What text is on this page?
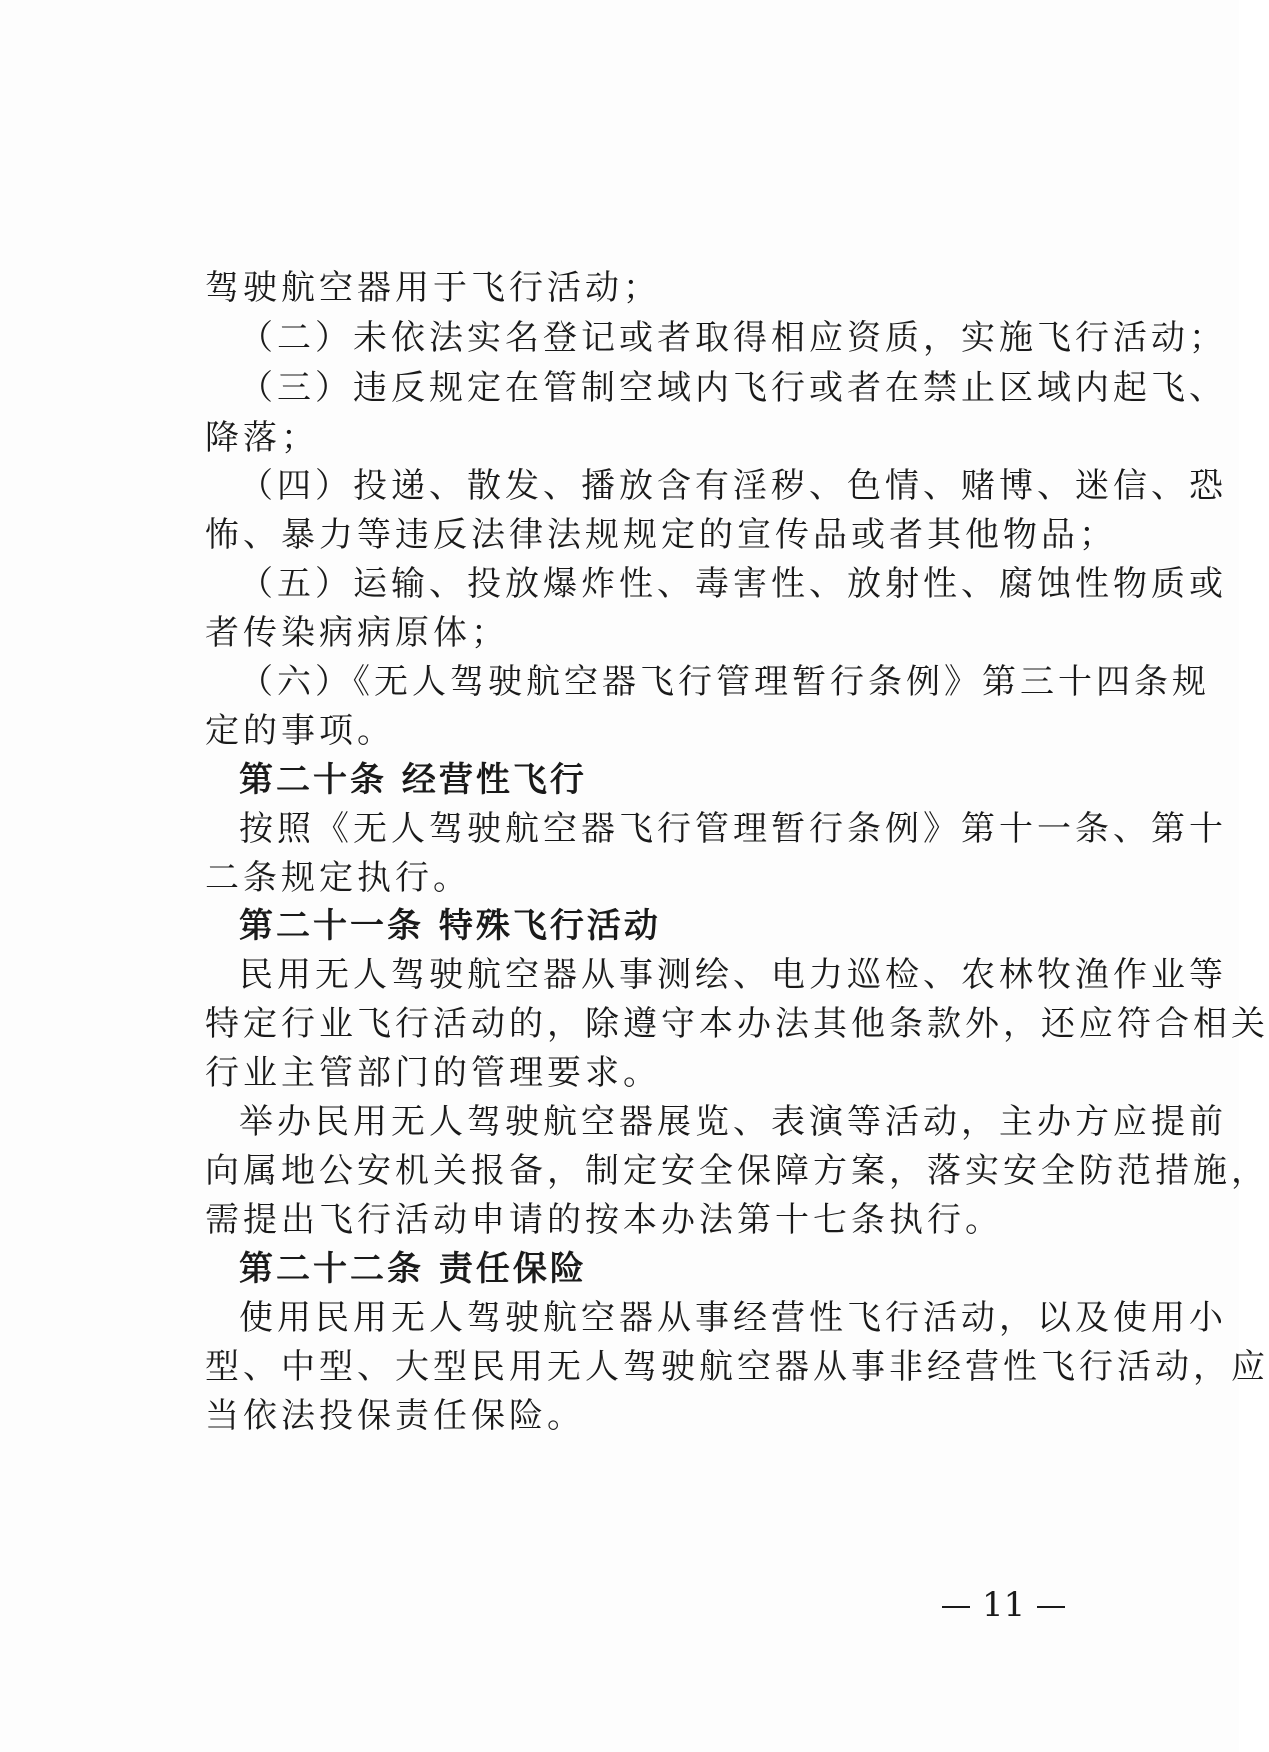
驾驶航空器用于飞行活动；
（二）未依法实名登记或者取得相应资质，实施飞行活动；
（三）违反规定在管制空域内飞行或者在禁止区域内起飞、
降落；
（四）投递、散发、播放含有淫秽、色情、赌博、迷信、恐
怖、暴力等违反法律法规规定的宣传品或者其他物品；
（五）运输、投放爆炸性、毒害性、放射性、腐蚀性物质或
者传染病病原体；
（六）《无人驾驶航空器飞行管理暂行条例》第三十四条规
定的事项。
第二十条 经营性飞行
按照《无人驾驶航空器飞行管理暂行条例》第十一条、第十
二条规定执行。
第二十一条 特殊飞行活动
民用无人驾驶航空器从事测绘、电力巡检、农林牧渔作业等
特定行业飞行活动的，除遵守本办法其他条款外，还应符合相关
行业主管部门的管理要求。
举办民用无人驾驶航空器展览、表演等活动，主办方应提前
向属地公安机关报备，制定安全保障方案，落实安全防范措施，
需提出飞行活动申请的按本办法第十七条执行。
第二十二条 责任保险
使用民用无人驾驶航空器从事经营性飞行活动，以及使用小
型、中型、大型民用无人驾驶航空器从事非经营性飞行活动，应
当依法投保责任保险。
11
